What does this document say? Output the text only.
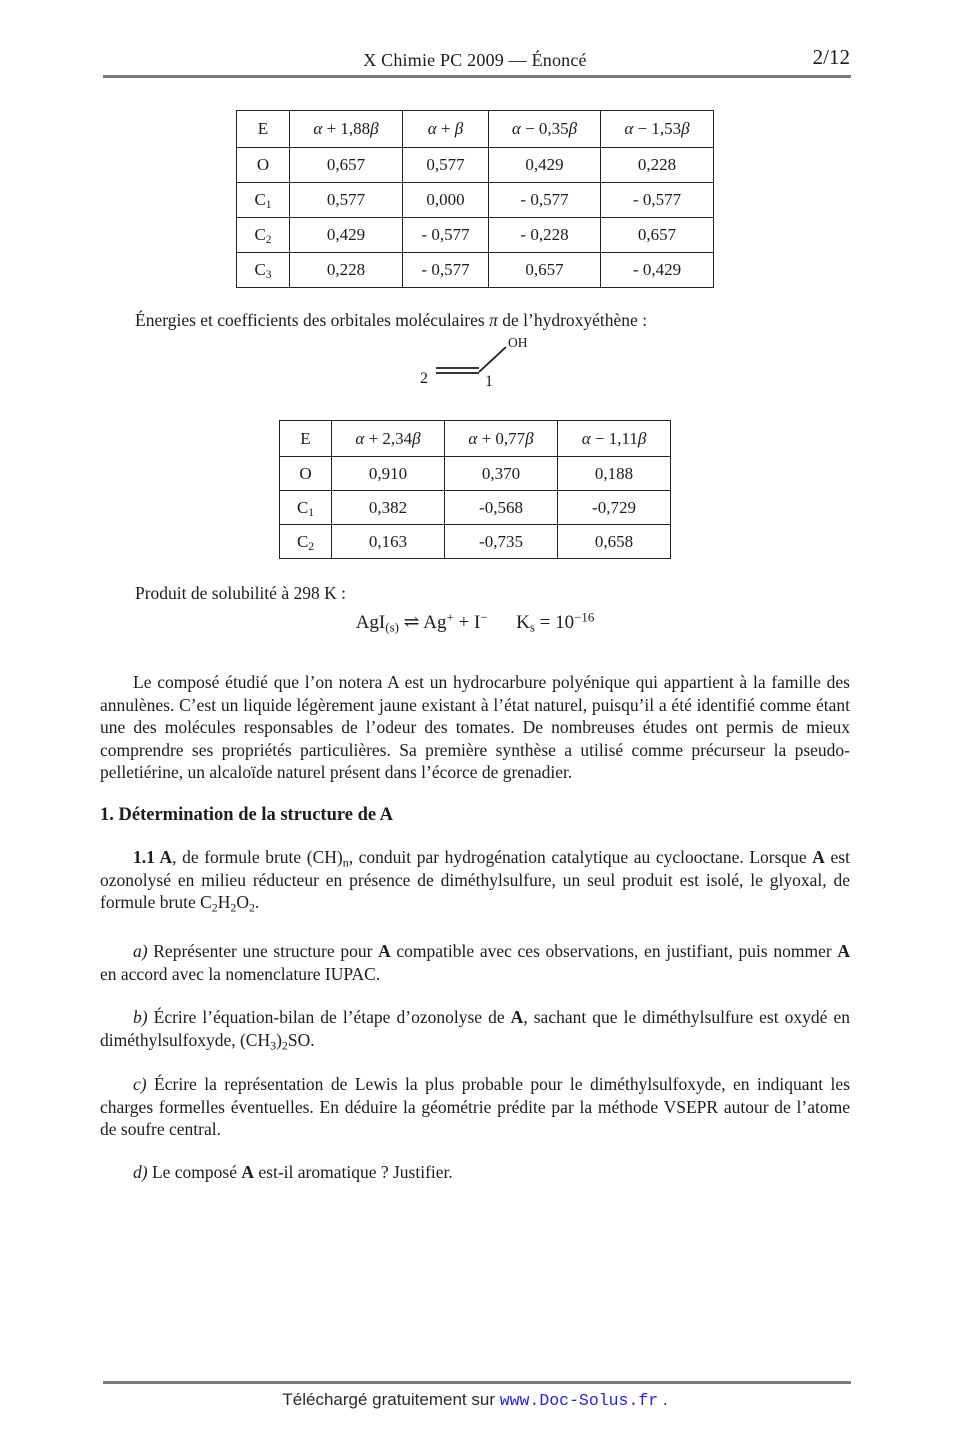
X Chimie PC 2009 — Énoncé	2/12
E	α + 1,88β	α + β	α − 0,35β	α − 1,53β
O	0,657	0,577	0,429	0,228
$C_1$	0,577	0,000	- 0,577	- 0,577
$C_2$	0,429	- 0,577	- 0,228	0,657
$C_3$	0,228	- 0,577	0,657	- 0,429
Énergies et coefficients des orbitales moléculaires π de l’hydroxyéthène :
2	1
OH
E	α + 2,34β	α + 0,77β	α − 1,11β
O	0,910	0,370	0,188
$C_1$	0,382	-0,568	-0,729
$C_2$	0,163	-0,735	0,658
Produit de solubilité à 298 K :
AgI$_{(s)}$ ⇌ Ag+ + I−  $K_s = 10^{-16}$
Le composé étudié que l’on notera A est un hydrocarbure polyénique qui appartient à la famille des annulènes. C’est un liquide légèrement jaune existant à l’état naturel, puisqu’il a été identifié comme étant une des molécules responsables de l’odeur des tomates. De nombreuses études ont permis de mieux comprendre ses propriétés particulières. Sa première synthèse a utilisé comme précurseur la pseudo-pelletiérine, un alcaloïde naturel présent dans l’écorce de grenadier.
1. Détermination de la structure de A
1.1 A, de formule brute $(CH)_n$, conduit par hydrogénation catalytique au cyclooctane. Lorsque A est ozonolysé en milieu réducteur en présence de diméthylsulfure, un seul produit est isolé, le glyoxal, de formule brute $C_2H_2O_2$.
a) Représenter une structure pour A compatible avec ces observations, en justifiant, puis nommer A en accord avec la nomenclature IUPAC.
b) Écrire l’équation-bilan de l’étape d’ozonolyse de A, sachant que le diméthylsulfure est oxydé en diméthylsulfoxyde, $(CH_3)_2SO$.
c) Écrire la représentation de Lewis la plus probable pour le diméthylsulfoxyde, en indiquant les charges formelles éventuelles. En déduire la géométrie prédite par la méthode VSEPR autour de l’atome de soufre central.
d) Le composé A est-il aromatique ? Justifier.
Téléchargé gratuitement sur www.Doc-Solus.fr .
